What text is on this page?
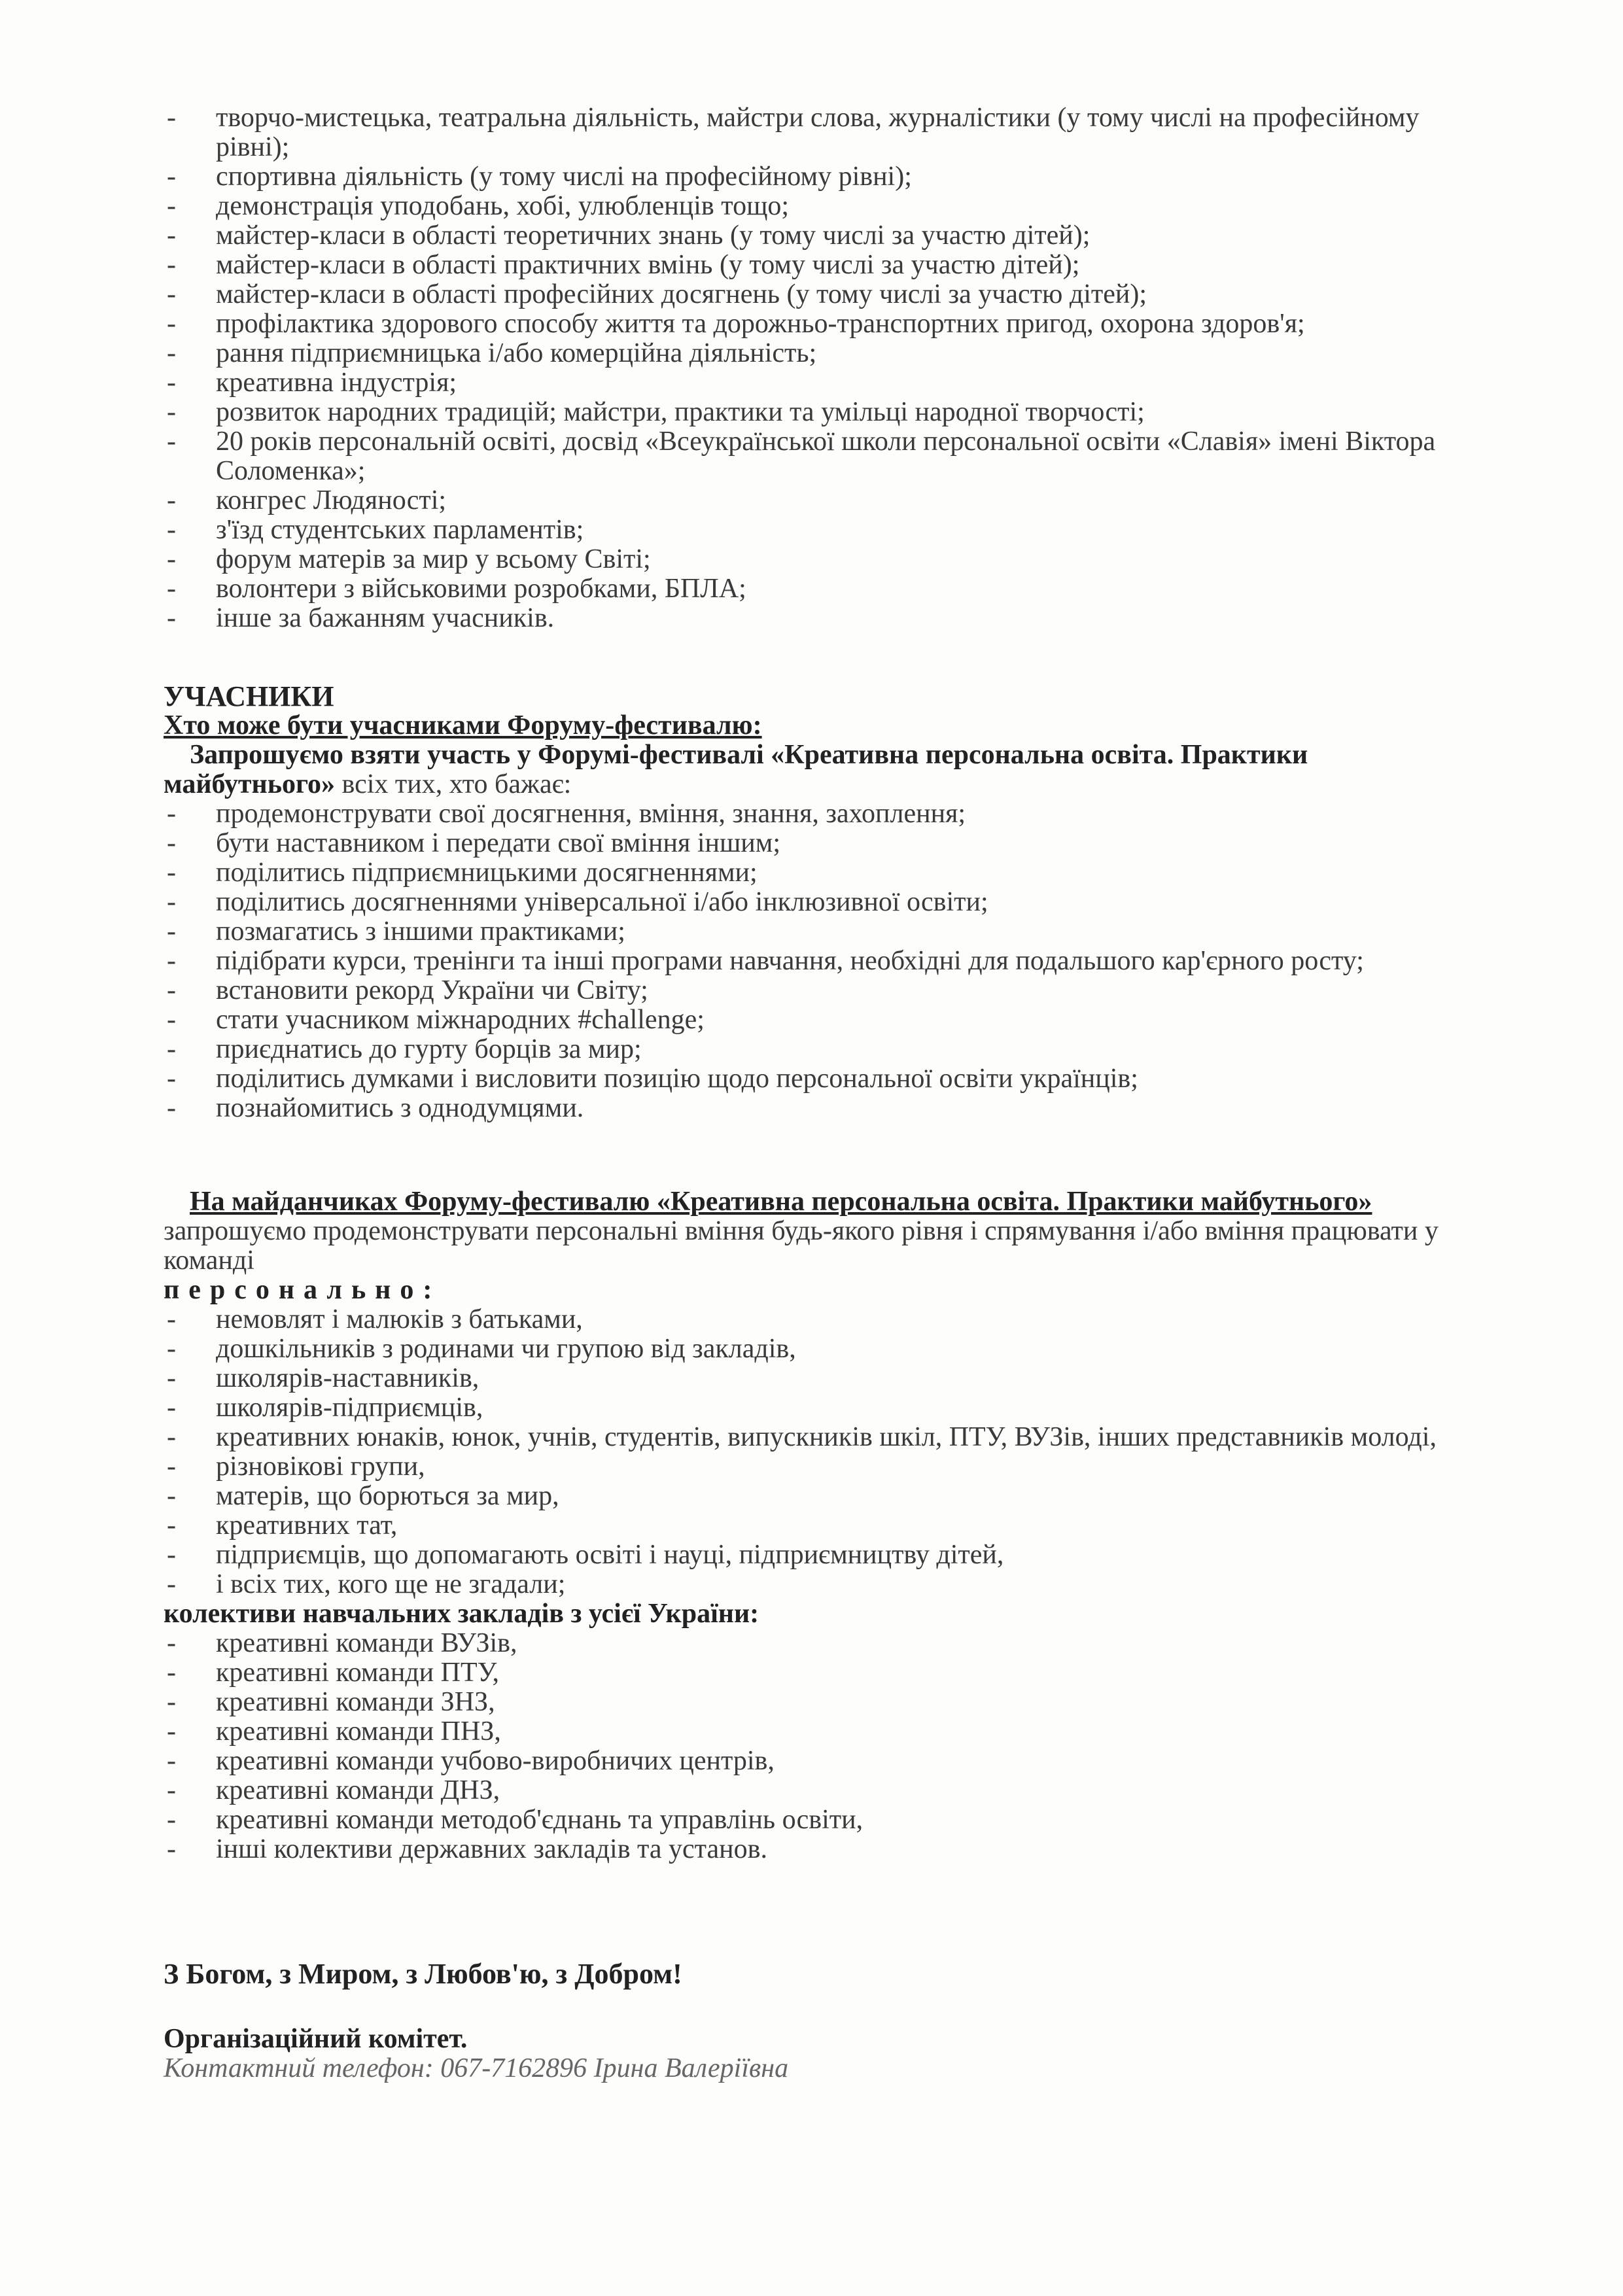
- творчо-мистецька, театральна діяльність, майстри слова, журналістики (у тому числі на професійному рівні);
- спортивна діяльність (у тому числі на професійному рівні);
- демонстрація уподобань, хобі, улюбленців тощо;
- майстер-класи в області теоретичних знань (у тому числі за участю дітей);
- майстер-класи в області практичних вмінь (у тому числі за участю дітей);
- майстер-класи в області професійних досягнень (у тому числі за участю дітей);
- профілактика здорового способу життя та дорожньо-транспортних пригод, охорона здоров'я;
- рання підприємницька і/або комерційна діяльність;
- креативна індустрія;
- розвиток народних традицій; майстри, практики та умільці народної творчості;
- 20 років персональній освіті, досвід «Всеукраїнської школи персональної освіти «Славія» імені Віктора Соломенка»;
- конгрес Людяності;
- з'їзд студентських парламентів;
- форум матерів за мир у всьому Світі;
- волонтери з військовими розробками, БПЛА;
- інше за бажанням учасників.
УЧАСНИКИ
Хто може бути учасниками Форуму-фестивалю:
Запрошуємо взяти участь у Форумі-фестивалі «Креативна персональна освіта. Практики майбутнього» всіх тих, хто бажає:
- продемонструвати свої досягнення, вміння, знання, захоплення;
- бути наставником і передати свої вміння іншим;
- поділитись підприємницькими досягненнями;
- поділитись досягненнями універсальної і/або інклюзивної освіти;
- позмагатись з іншими практиками;
- підібрати курси, тренінги та інші програми навчання, необхідні для подальшого кар'єрного росту;
- встановити рекорд України чи Світу;
- стати учасником міжнародних #challenge;
- приєднатись до гурту борців за мир;
- поділитись думками і висловити позицію щодо персональної освіти українців;
- познайомитись з однодумцями.
На майданчиках Форуму-фестивалю «Креативна персональна освіта. Практики майбутнього» запрошуємо продемонструвати персональні вміння будь-якого рівня і спрямування і/або вміння працювати у команді
персонально:
- немовлят і малюків з батьками,
- дошкільників з родинами чи групою від закладів,
- школярів-наставників,
- школярів-підприємців,
- креативних юнаків, юнок, учнів, студентів, випускників шкіл, ПТУ, ВУЗів, інших представників молоді,
- різновікові групи,
- матерів, що борються за мир,
- креативних тат,
- підприємців, що допомагають освіті і науці, підприємництву дітей,
- і всіх тих, кого ще не згадали;
колективи навчальних закладів з усієї України:
- креативні команди ВУЗів,
- креативні команди ПТУ,
- креативні команди ЗНЗ,
- креативні команди ПНЗ,
- креативні команди учбово-виробничих центрів,
- креативні команди ДНЗ,
- креативні команди методоб'єднань та управлінь освіти,
- інші колективи державних закладів та установ.
З Богом, з Миром, з Любов'ю, з Добром!
Організаційний комітет.
Контактний телефон: 067-7162896 Ірина Валеріївна
